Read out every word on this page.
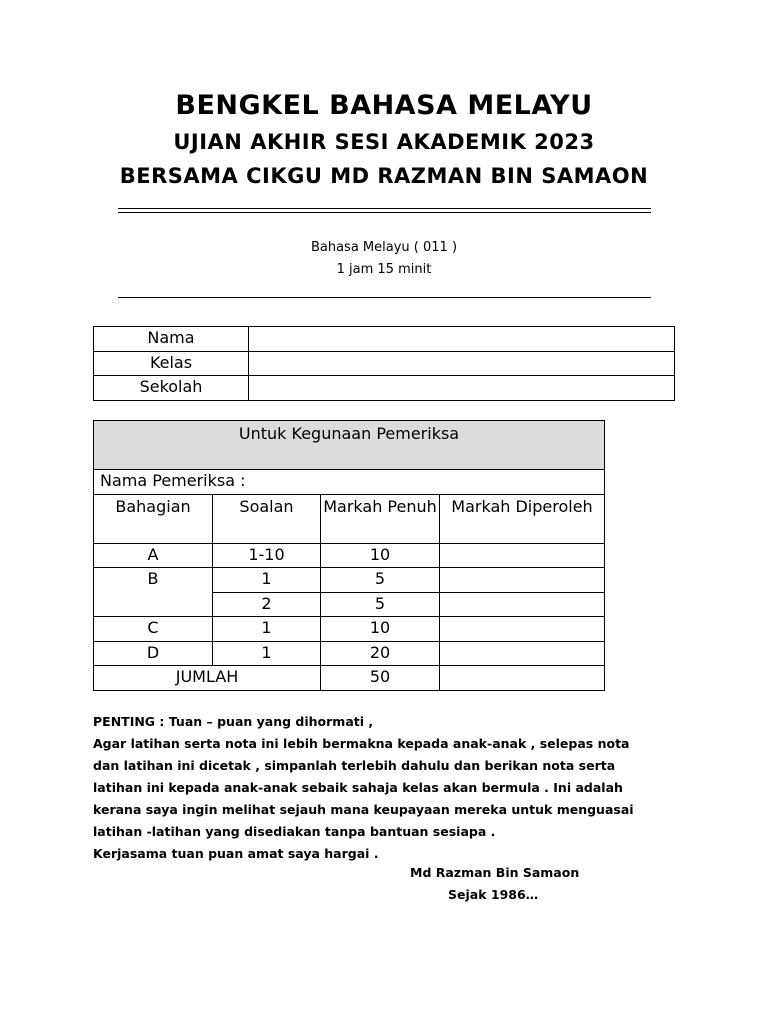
BENGKEL BAHASA MELAYU
UJIAN AKHIR SESI AKADEMIK 2023
BERSAMA CIKGU MD RAZMAN BIN SAMAON
Bahasa Melayu ( 011 )
1 jam 15 minit
Nama	
Kelas	
Sekolah	
Untuk Kegunaan Pemeriksa			
Nama Pemeriksa :			
Bahagian	Soalan	Markah Penuh	Markah Diperoleh
A	1-10	10	
B	1	5	
	2	5	
C	1	10	
D	1	20	
JUMLAH		50	
PENTING : Tuan – puan yang dihormati ,
Agar latihan serta nota ini lebih bermakna kepada anak-anak , selepas nota
dan latihan ini dicetak , simpanlah terlebih dahulu dan berikan nota serta
latihan ini kepada anak-anak sebaik sahaja kelas akan bermula . Ini adalah
kerana saya ingin melihat sejauh mana keupayaan mereka untuk menguasai
latihan -latihan yang disediakan tanpa bantuan sesiapa .
Kerjasama tuan puan amat saya hargai .
Md Razman Bin Samaon
Sejak 1986…
